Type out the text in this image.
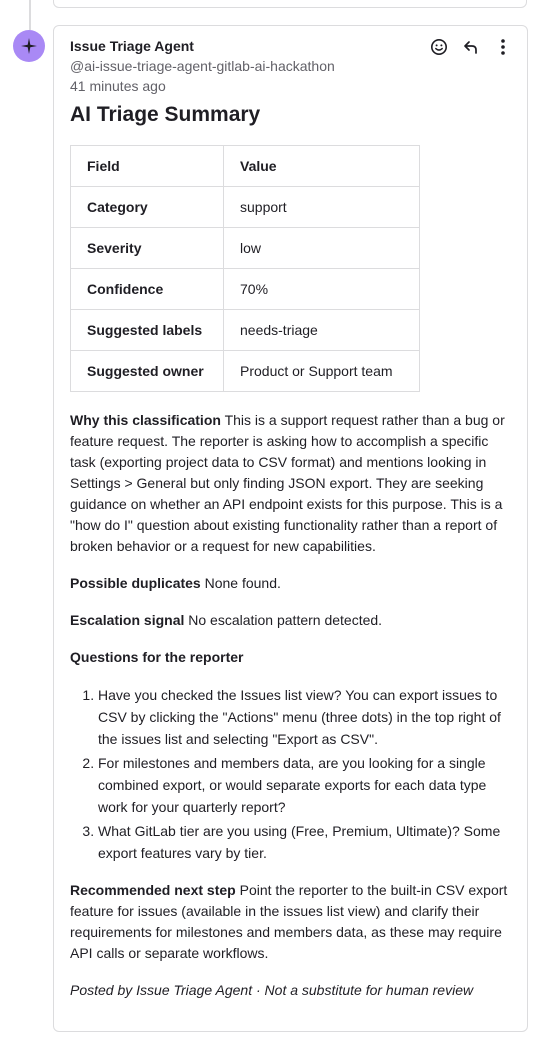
Issue Triage Agent
@ai-issue-triage-agent-gitlab-ai-hackathon
41 minutes ago
AI Triage Summary
Field	Value
Category	support
Severity	low
Confidence	70%
Suggested labels	needs-triage
Suggested owner	Product or Support team

Why this classification This is a support request rather than a bug or feature request. The reporter is asking how to accomplish a specific task (exporting project data to CSV format) and mentions looking in Settings > General but only finding JSON export. They are seeking guidance on whether an API endpoint exists for this purpose. This is a "how do I" question about existing functionality rather than a report of broken behavior or a request for new capabilities.

Possible duplicates None found.

Escalation signal No escalation pattern detected.

Questions for the reporter

1. Have you checked the Issues list view? You can export issues to CSV by clicking the "Actions" menu (three dots) in the top right of the issues list and selecting "Export as CSV".
2. For milestones and members data, are you looking for a single combined export, or would separate exports for each data type work for your quarterly report?
3. What GitLab tier are you using (Free, Premium, Ultimate)? Some export features vary by tier.

Recommended next step Point the reporter to the built-in CSV export feature for issues (available in the issues list view) and clarify their requirements for milestones and members data, as these may require API calls or separate workflows.

Posted by Issue Triage Agent · Not a substitute for human review
